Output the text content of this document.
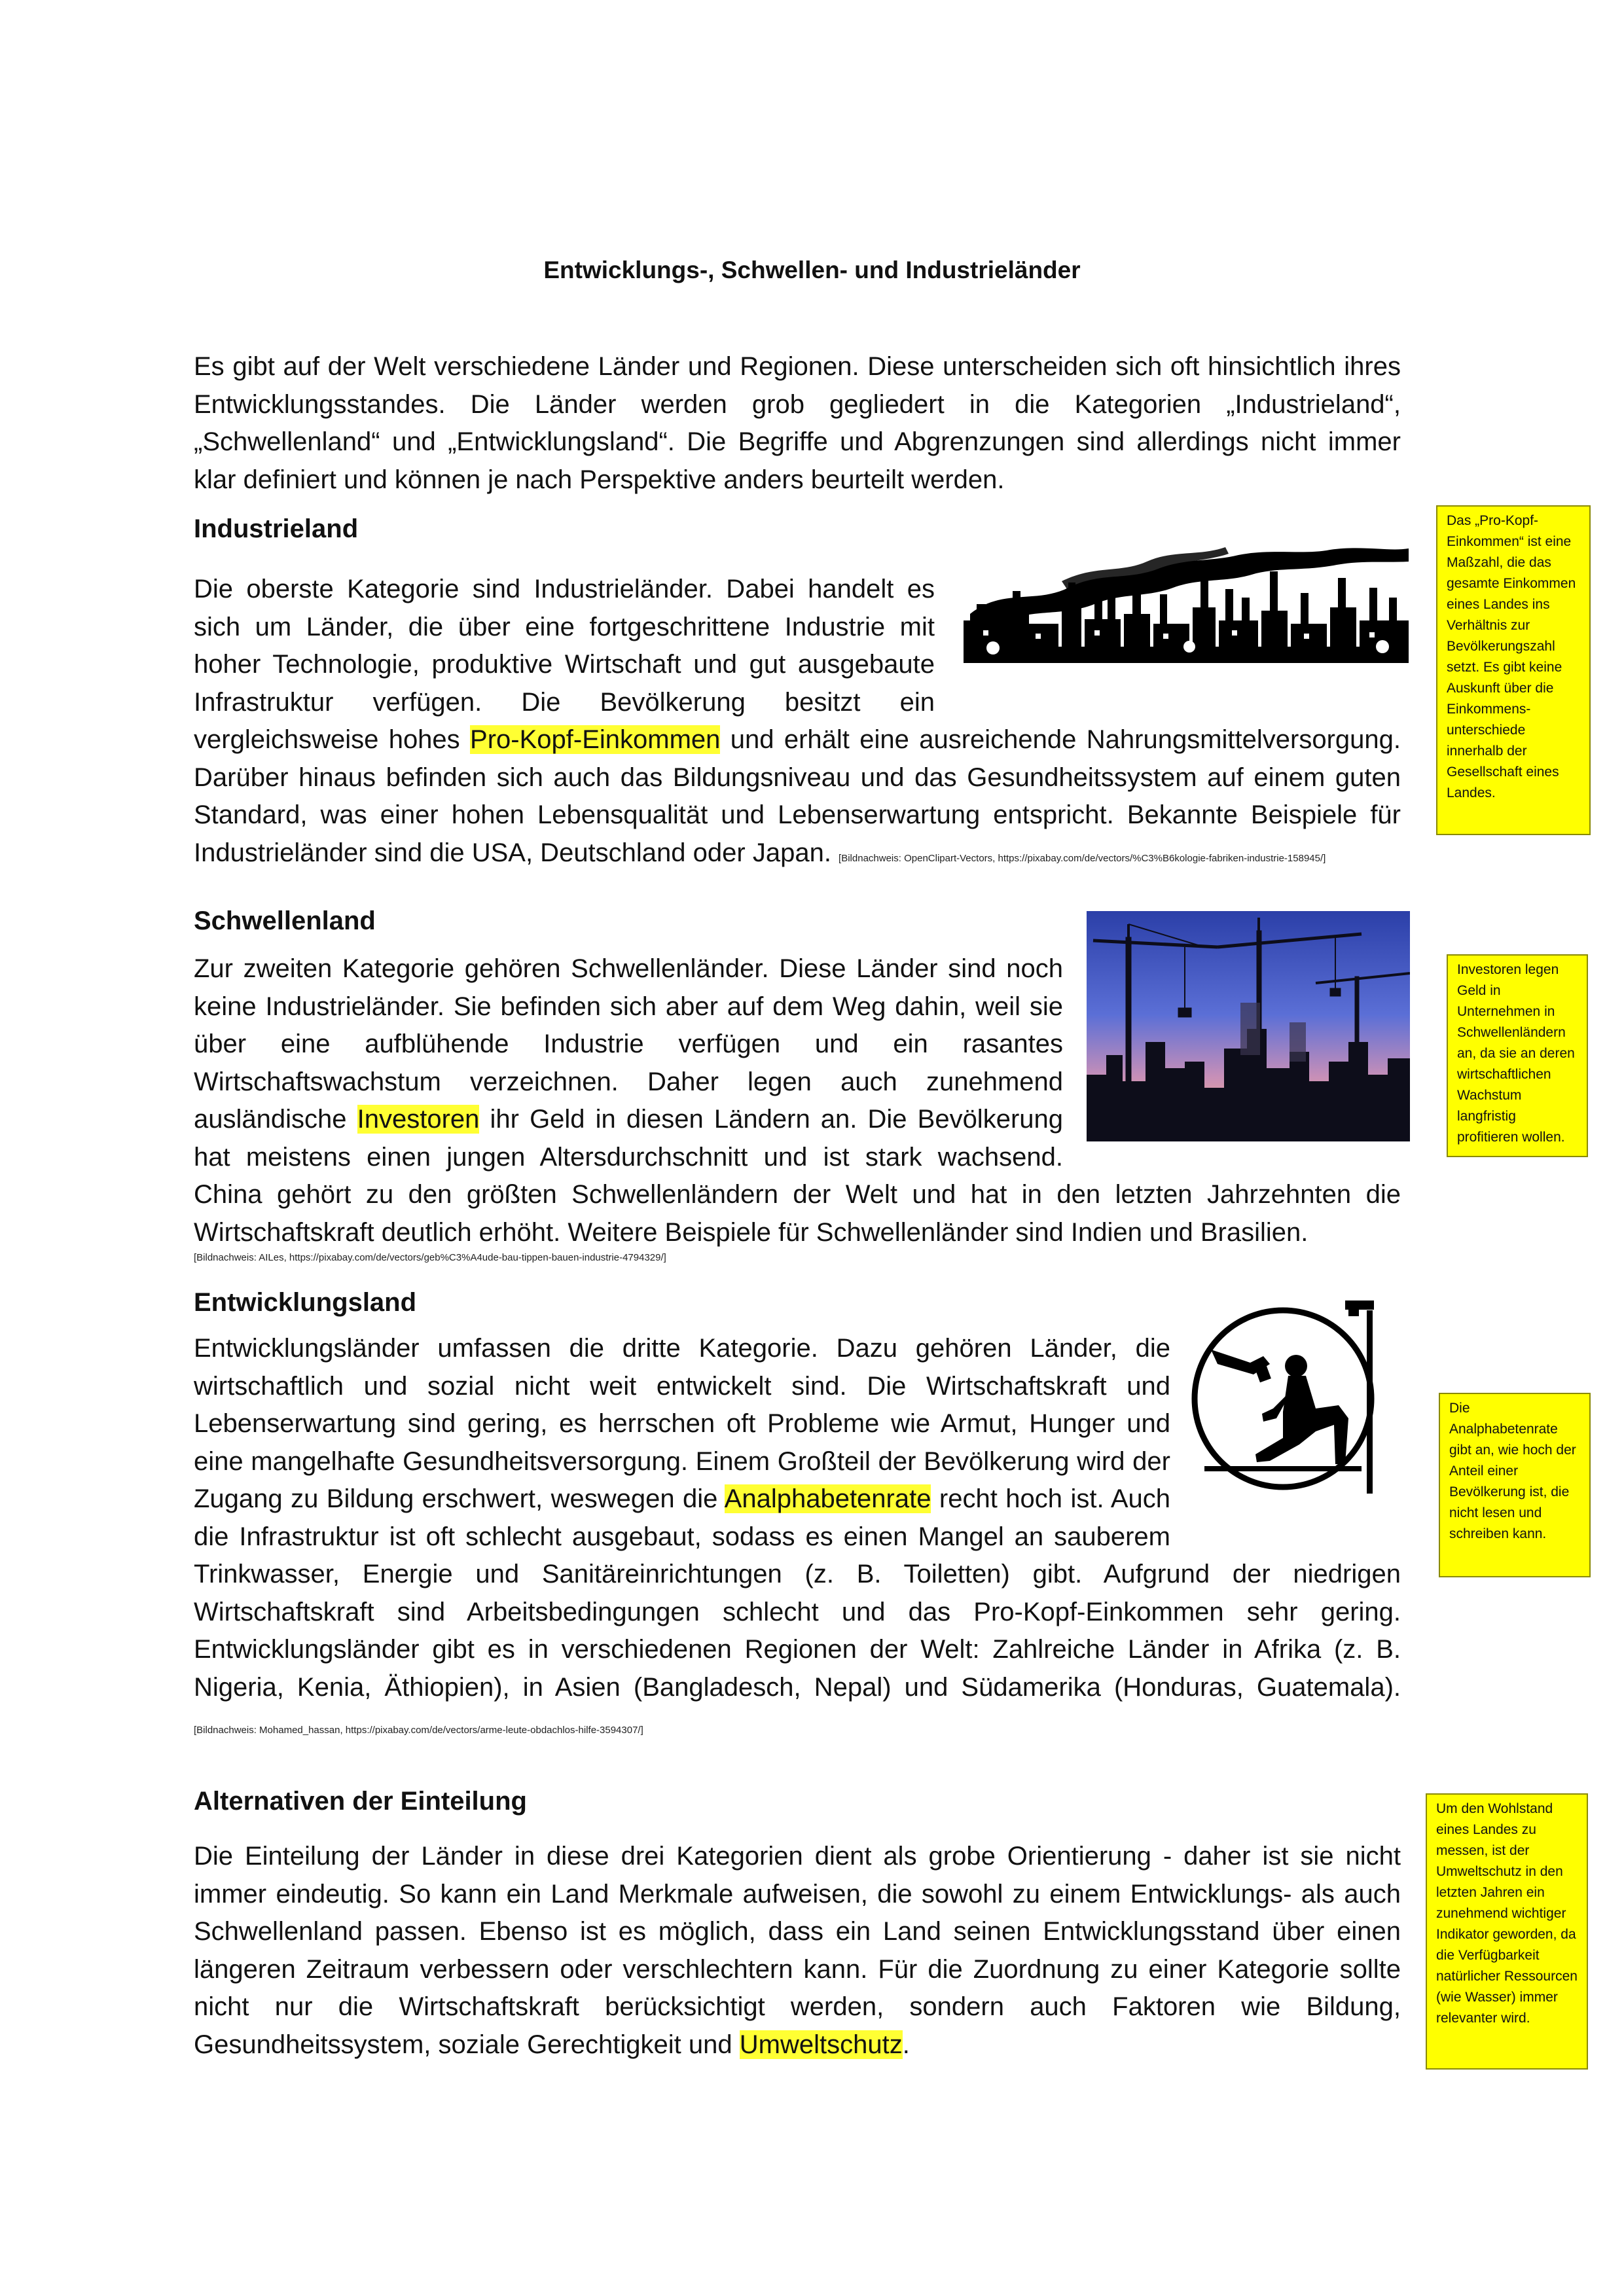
Entwicklungs-, Schwellen- und Industrieländer

Es gibt auf der Welt verschiedene Länder und Regionen. Diese unterscheiden sich oft hinsichtlich ihres Entwicklungsstandes. Die Länder werden grob gegliedert in die Kategorien „Industrieland“, „Schwellenland“ und „Entwicklungsland“. Die Begriffe und Abgrenzungen sind allerdings nicht immer klar definiert und können je nach Perspektive anders beurteilt werden.

Industrieland

Die oberste Kategorie sind Industrieländer. Dabei handelt es sich um Länder, die über eine fortgeschrittene Industrie mit hoher Technologie, produktive Wirtschaft und gut ausgebaute Infrastruktur verfügen. Die Bevölkerung besitzt ein vergleichsweise hohes Pro-Kopf-Einkommen und erhält eine ausreichende Nahrungsmittelversorgung. Darüber hinaus befinden sich auch das Bildungsniveau und das Gesundheitssystem auf einem guten Standard, was einer hohen Lebensqualität und Lebenserwartung entspricht. Bekannte Beispiele für Industrieländer sind die USA, Deutschland oder Japan. [Bildnachweis: OpenClipart-Vectors, https://pixabay.com/de/vectors/%C3%B6kologie-fabriken-industrie-158945/]

Das „Pro-Kopf-Einkommen“ ist eine Maßzahl, die das gesamte Einkommen eines Landes ins Verhältnis zur Bevölkerungszahl setzt. Es gibt keine Auskunft über die Einkommens-unterschiede innerhalb der Gesellschaft eines Landes.
Schwellenland

Zur zweiten Kategorie gehören Schwellenländer. Diese Länder sind noch keine Industrieländer. Sie befinden sich aber auf dem Weg dahin, weil sie über eine aufblühende Industrie verfügen und ein rasantes Wirtschaftswachstum verzeichnen. Daher legen auch zunehmend ausländische Investoren ihr Geld in diesen Ländern an. Die Bevölkerung hat meistens einen jungen Altersdurchschnitt und ist stark wachsend. China gehört zu den größten Schwellenländern der Welt und hat in den letzten Jahrzehnten die Wirtschaftskraft deutlich erhöht. Weitere Beispiele für Schwellenländer sind Indien und Brasilien.

[Bildnachweis: AILes, https://pixabay.com/de/vectors/geb%C3%A4ude-bau-tippen-bauen-industrie-4794329/]
Investoren legen Geld in Unternehmen in Schwellenländern an, da sie an deren wirtschaftlichen Wachstum langfristig profitieren wollen.
Entwicklungsland

Entwicklungsländer umfassen die dritte Kategorie. Dazu gehören Länder, die wirtschaftlich und sozial nicht weit entwickelt sind. Die Wirtschaftskraft und Lebenserwartung sind gering, es herrschen oft Probleme wie Armut, Hunger und eine mangelhafte Gesundheitsversorgung. Einem Großteil der Bevölkerung wird der Zugang zu Bildung erschwert, weswegen die Analphabetenrate recht hoch ist. Auch die Infrastruktur ist oft schlecht ausgebaut, sodass es einen Mangel an sauberem Trinkwasser, Energie und Sanitäreinrichtungen (z. B. Toiletten) gibt. Aufgrund der niedrigen Wirtschaftskraft sind Arbeitsbedingungen schlecht und das Pro-Kopf-Einkommen sehr gering. Entwicklungsländer gibt es in verschiedenen Regionen der Welt: Zahlreiche Länder in Afrika (z. B. Nigeria, Kenia, Äthiopien), in Asien (Bangladesch, Nepal) und Südamerika (Honduras, Guatemala). [Bildnachweis: Mohamed_hassan, https://pixabay.com/de/vectors/arme-leute-obdachlos-hilfe-3594307/]

Die Analphabetenrate gibt an, wie hoch der Anteil einer Bevölkerung ist, die nicht lesen und schreiben kann.
Alternativen der Einteilung

Die Einteilung der Länder in diese drei Kategorien dient als grobe Orientierung - daher ist sie nicht immer eindeutig. So kann ein Land Merkmale aufweisen, die sowohl zu einem Entwicklungs- als auch Schwellenland passen. Ebenso ist es möglich, dass ein Land seinen Entwicklungsstand über einen längeren Zeitraum verbessern oder verschlechtern kann. Für die Zuordnung zu einer Kategorie sollte nicht nur die Wirtschaftskraft berücksichtigt werden, sondern auch Faktoren wie Bildung, Gesundheitssystem, soziale Gerechtigkeit und Umweltschutz.

Um den Wohlstand eines Landes zu messen, ist der Umweltschutz in den letzten Jahren ein zunehmend wichtiger Indikator geworden, da die Verfügbarkeit natürlicher Ressourcen (wie Wasser) immer relevanter wird.
